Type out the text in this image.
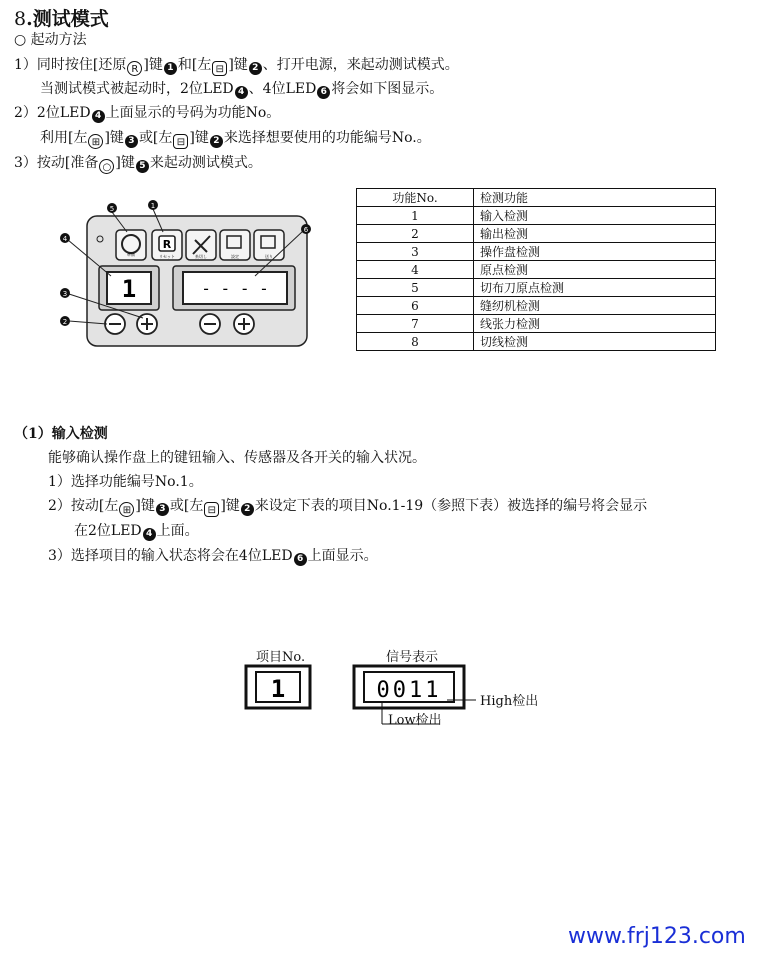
8.测试模式
○ 起动方法
1）同时按住[还原 R ]键 1 和[左 ⊟ ]键 2 、打开电源，来起动测试模式。
当测试模式被起动时，2位LED 4 、4位LED 6 将会如下图显示。
2）2位LED 4 上面显示的号码为功能No。
利用[左 ⊞ ]键 3 或[左 ⊟ ]键 2 来选择想要使用的功能编号No.。
3）按动[准备 ○ ]键 5 来起动测试模式。
準備
R
リセット	糸切し	設定	送り
1	- - - -
5	1
4
3
2
6
功能No.	检测功能
1	输入检测
2	输出检测
3	操作盘检测
4	原点检测
5	切布刀原点检测
6	缝纫机检测
7	线张力检测
8	切线检测
（1）输入检测
能够确认操作盘上的键钮输入、传感器及各开关的输入状况。
1）选择功能编号No.1。
2）按动[左 ⊞ ]键 3 或[左 ⊟ ]键 2 来设定下表的项目No.1-19（参照下表）被选择的编号将会显示
在2位LED 4 上面。
3）选择项目的输入状态将会在4位LED 6 上面显示。
项目No.	信号表示
1	0011	High检出
Low检出
www.frj123.com
